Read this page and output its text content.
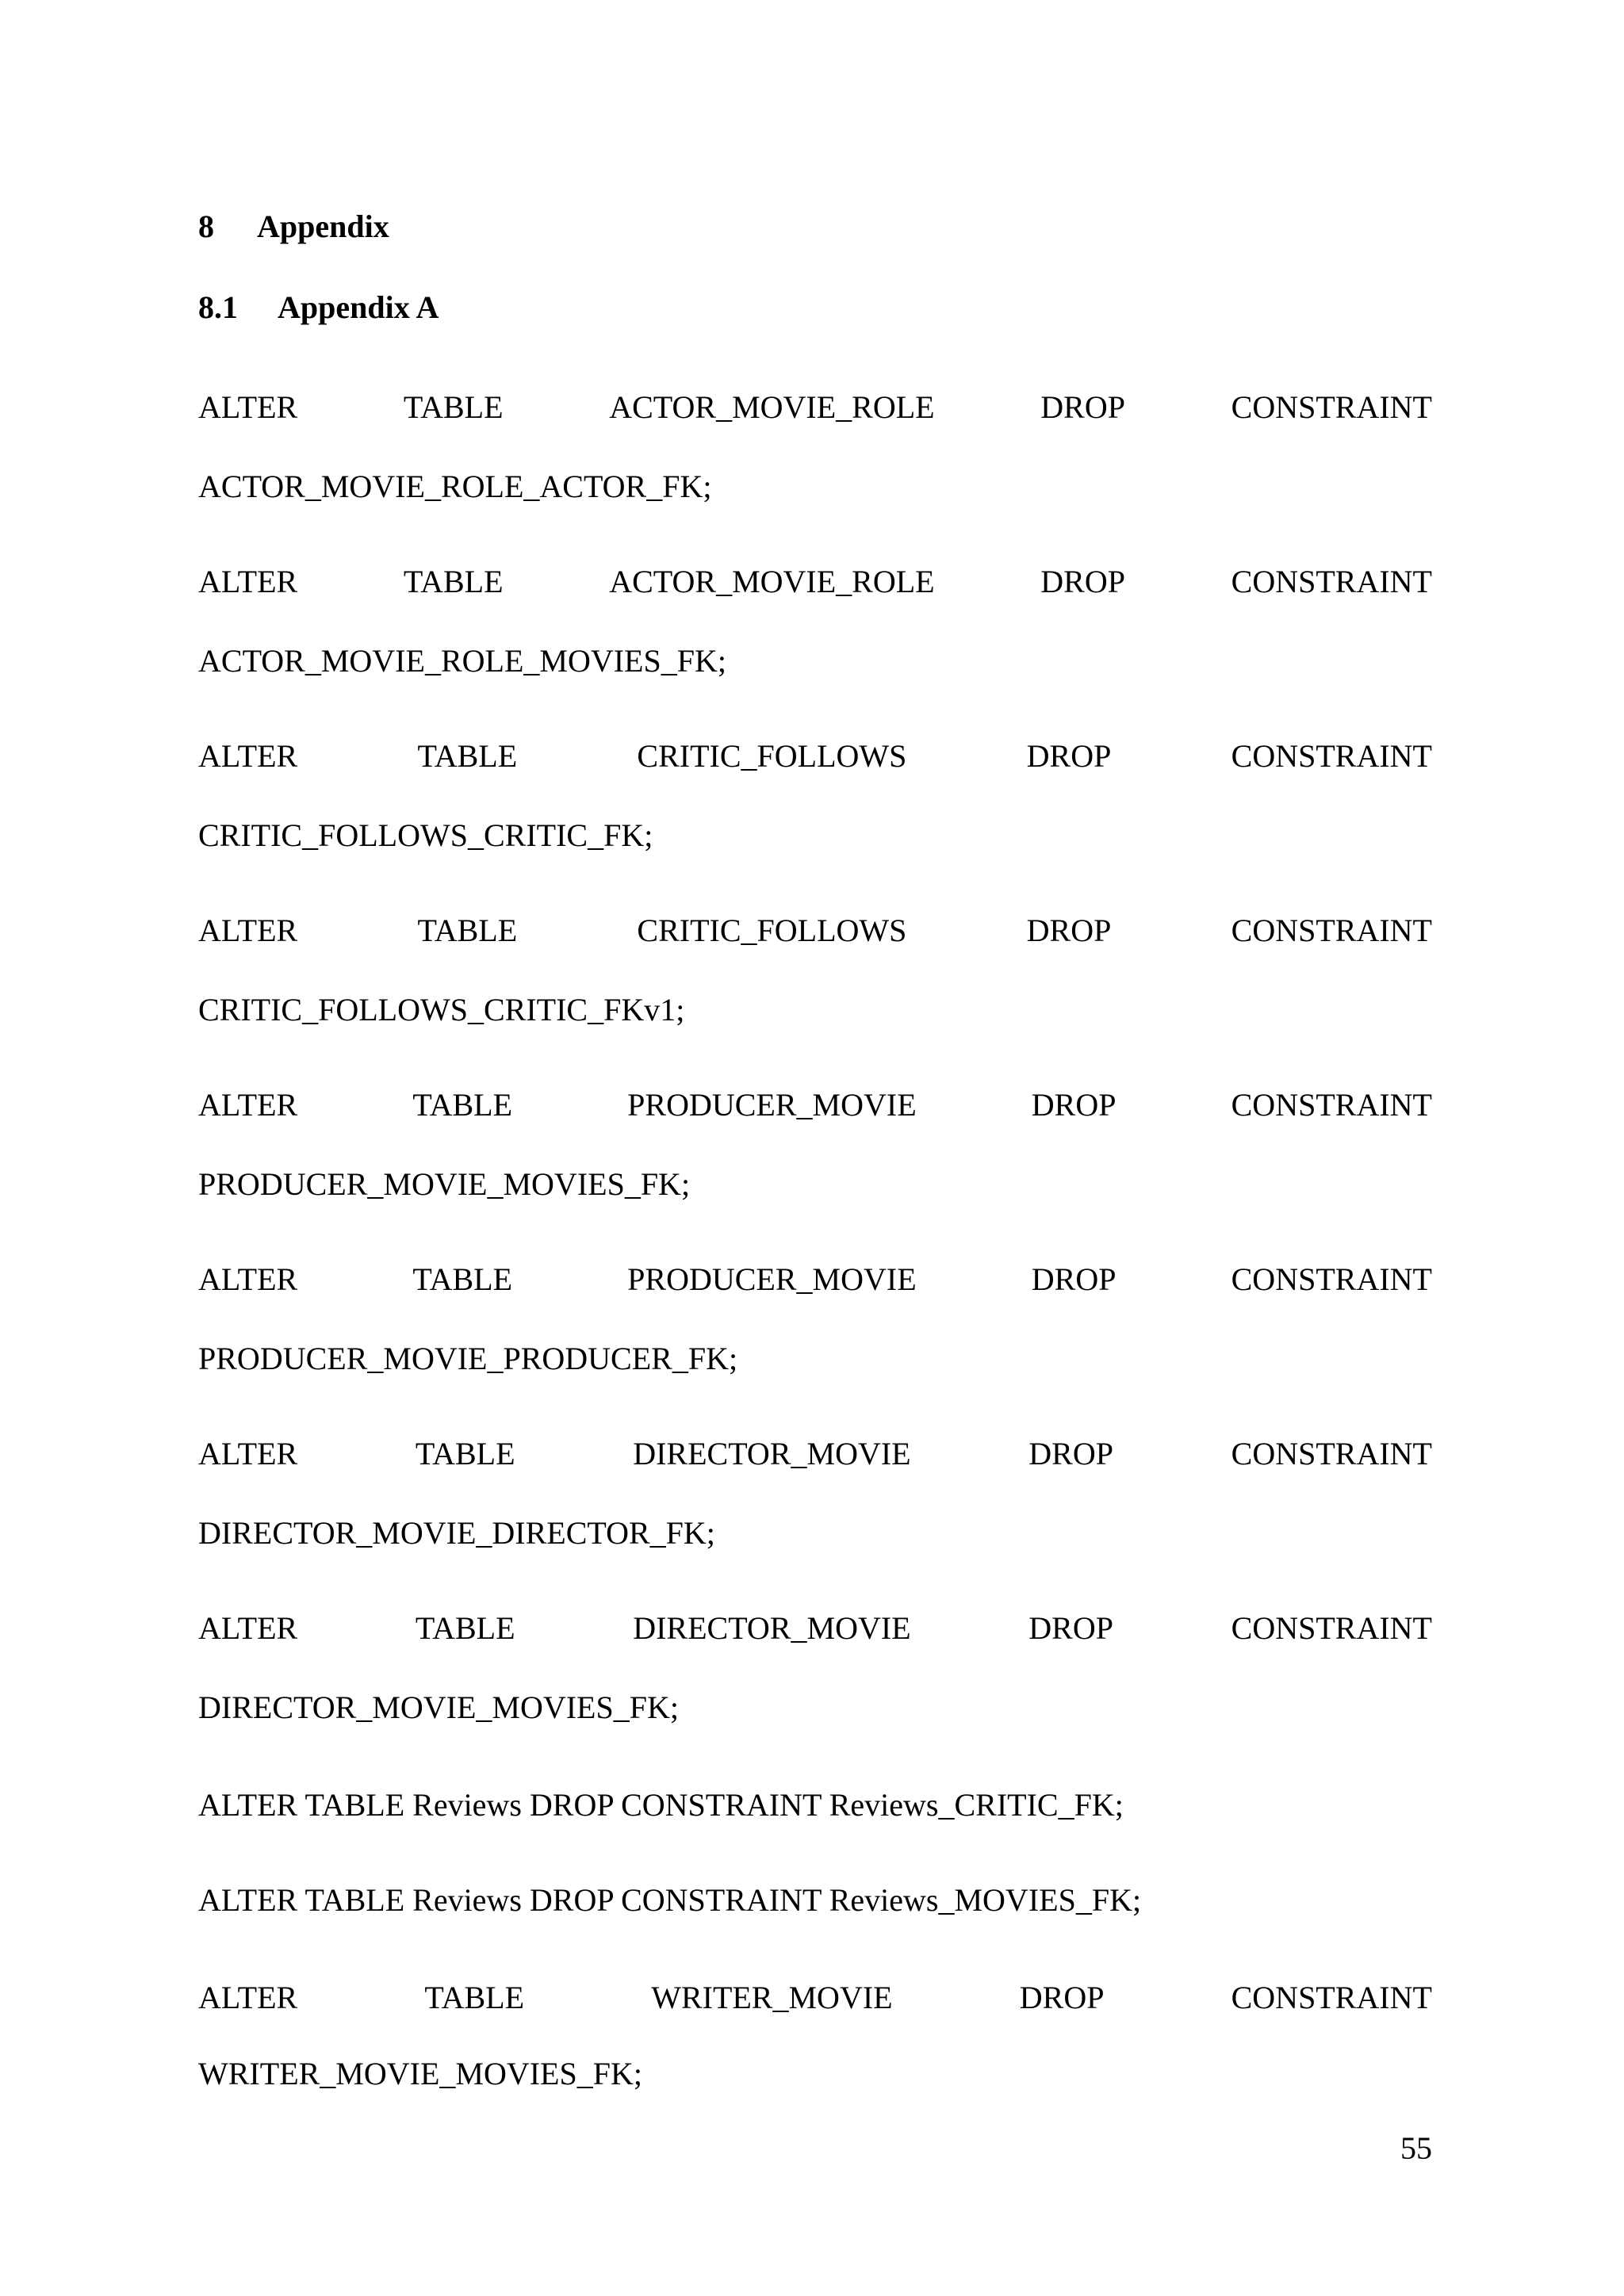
8 Appendix
8.1 Appendix A
ALTER	TABLE	ACTOR_MOVIE_ROLE	DROP	CONSTRAINT
ACTOR_MOVIE_ROLE_ACTOR_FK;
ALTER	TABLE	ACTOR_MOVIE_ROLE	DROP	CONSTRAINT
ACTOR_MOVIE_ROLE_MOVIES_FK;
ALTER	TABLE	CRITIC_FOLLOWS	DROP	CONSTRAINT
CRITIC_FOLLOWS_CRITIC_FK;
ALTER	TABLE	CRITIC_FOLLOWS	DROP	CONSTRAINT
CRITIC_FOLLOWS_CRITIC_FKv1;
ALTER	TABLE	PRODUCER_MOVIE	DROP	CONSTRAINT
PRODUCER_MOVIE_MOVIES_FK;
ALTER	TABLE	PRODUCER_MOVIE	DROP	CONSTRAINT
PRODUCER_MOVIE_PRODUCER_FK;
ALTER	TABLE	DIRECTOR_MOVIE	DROP	CONSTRAINT
DIRECTOR_MOVIE_DIRECTOR_FK;
ALTER	TABLE	DIRECTOR_MOVIE	DROP	CONSTRAINT
DIRECTOR_MOVIE_MOVIES_FK;
ALTER TABLE Reviews DROP CONSTRAINT Reviews_CRITIC_FK;
ALTER TABLE Reviews DROP CONSTRAINT Reviews_MOVIES_FK;
ALTER	TABLE	WRITER_MOVIE	DROP	CONSTRAINT
WRITER_MOVIE_MOVIES_FK;
55
